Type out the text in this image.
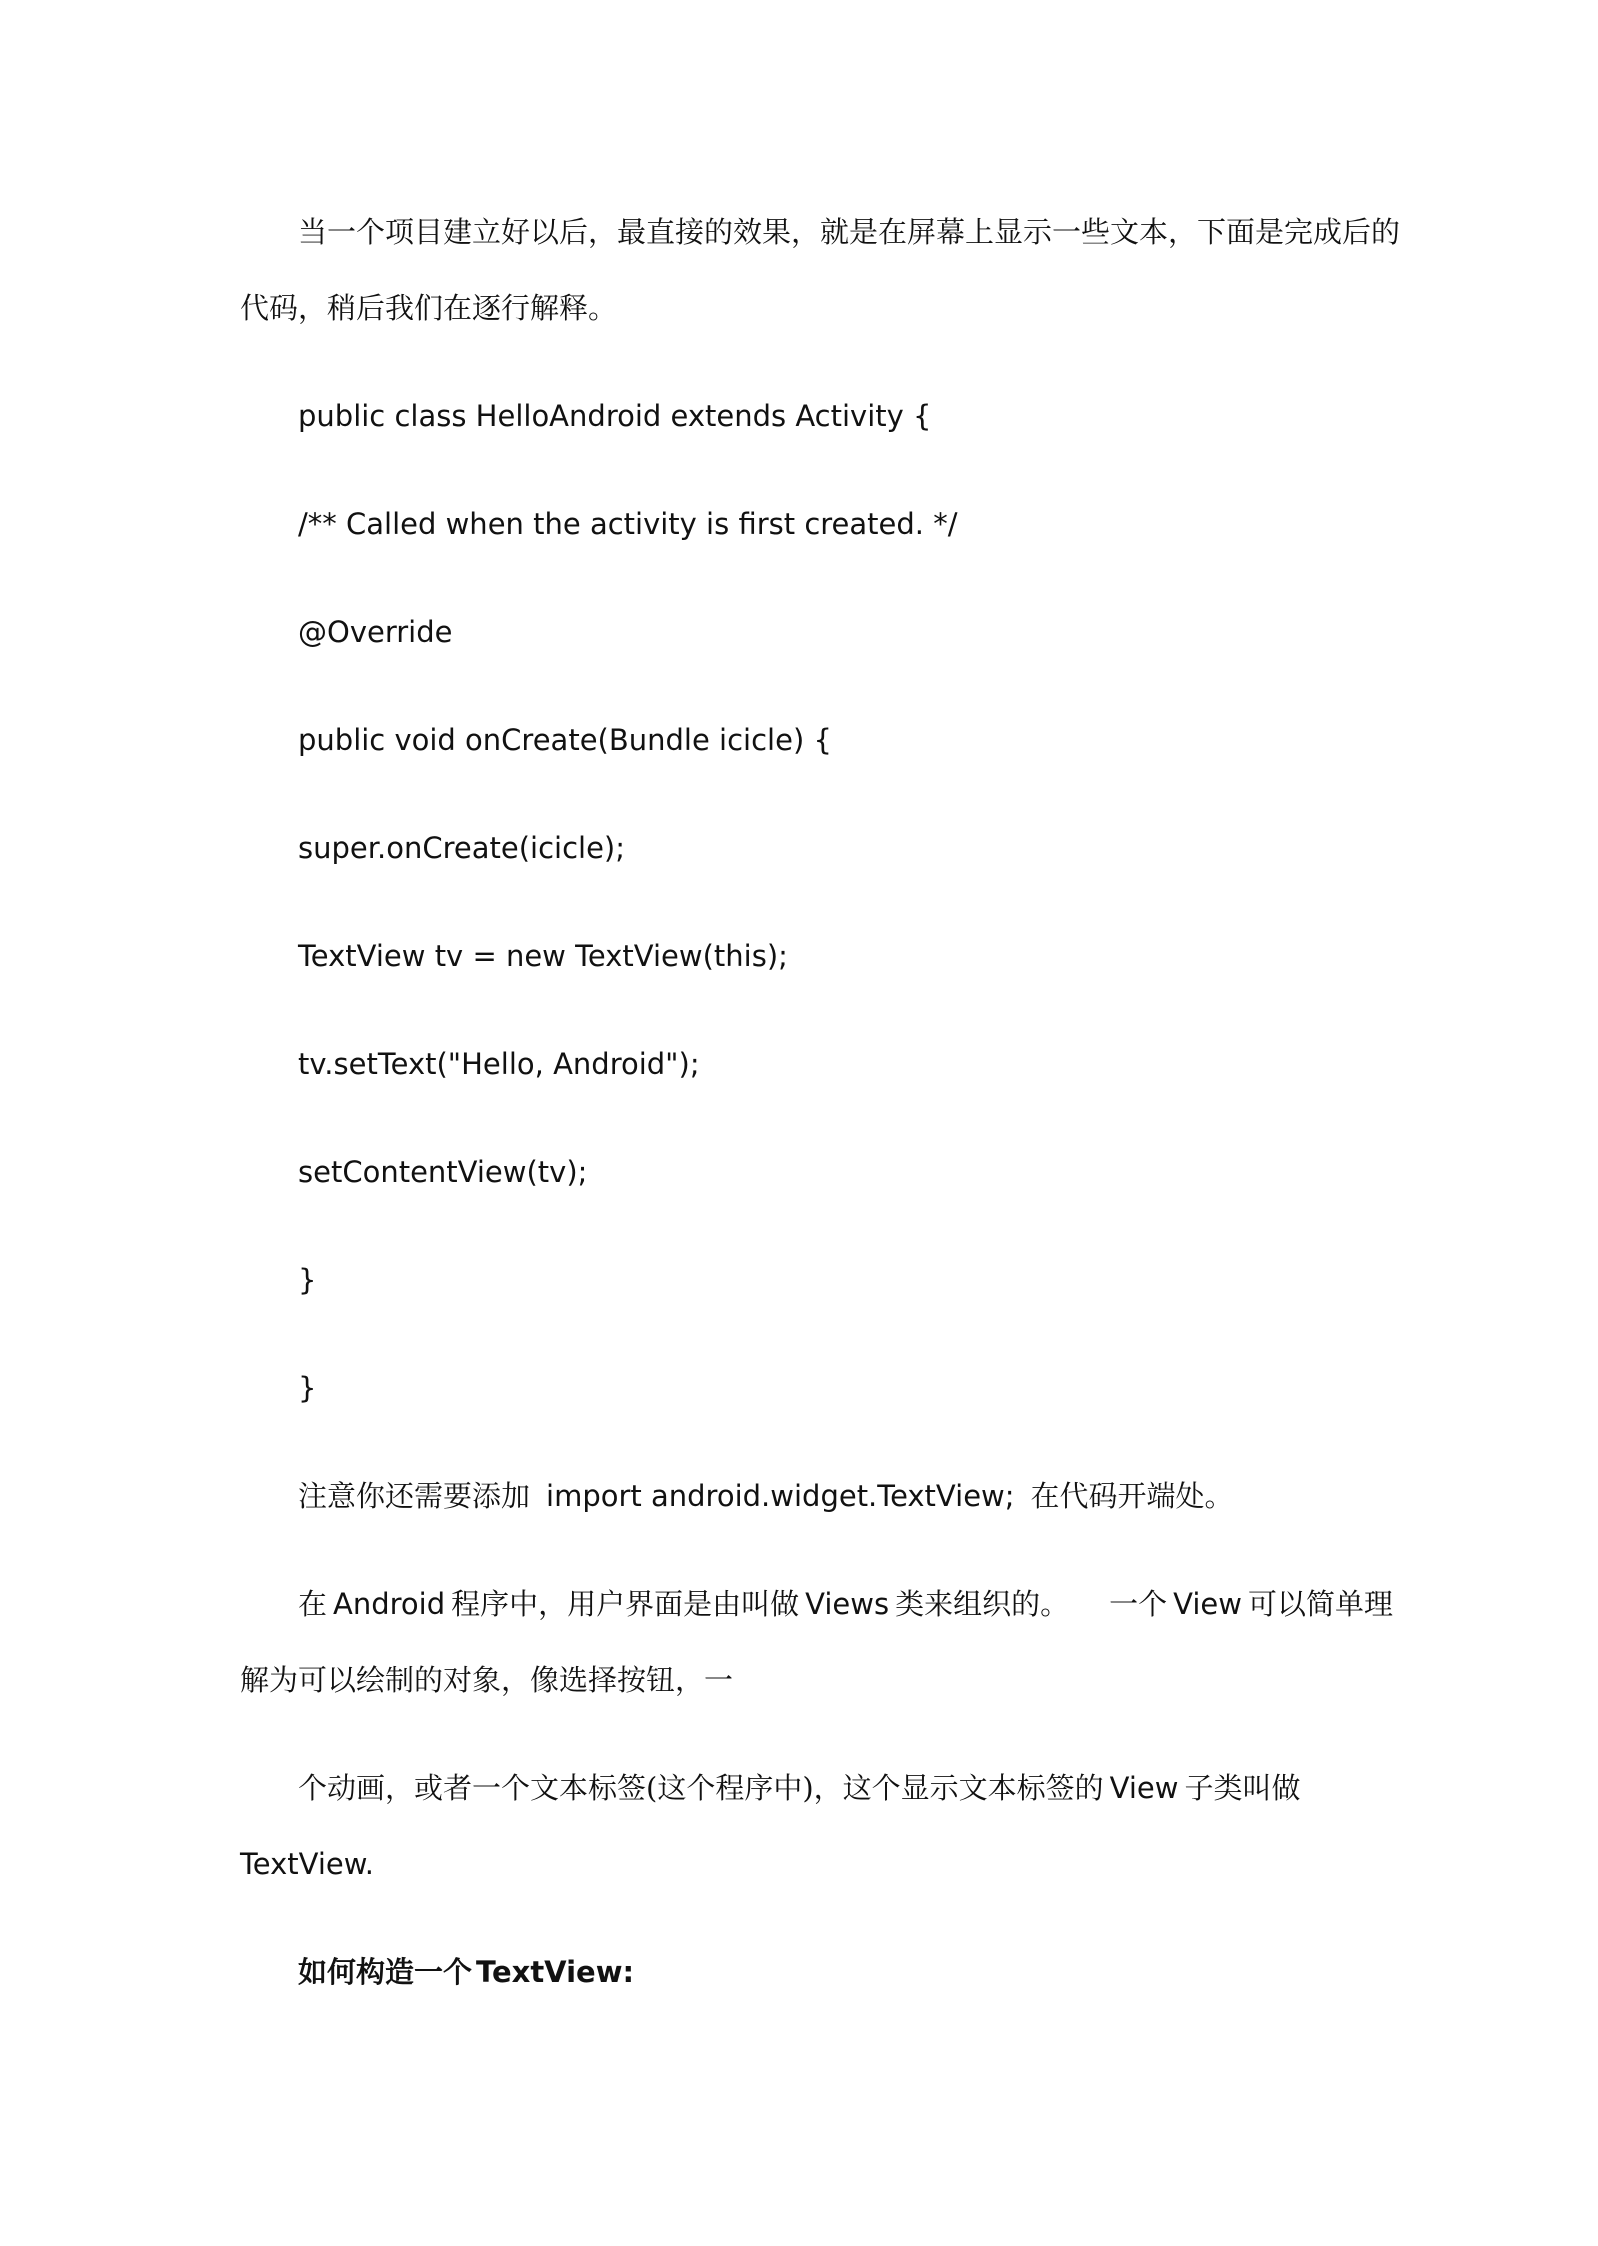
当一个项目建立好以后，最直接的效果，就是在屏幕上显示一些文本，下面是完成后的
代码，稍后我们在逐行解释。
public class HelloAndroid extends Activity {
/** Called when the activity is first created. */
@Override
public void onCreate(Bundle icicle) {
super.onCreate(icicle);
TextView tv = new TextView(this);
tv.setText("Hello, Android");
setContentView(tv);
}
}
注意你还需要添加 import android.widget.TextView; 在代码开端处。
在 Android 程序中，用户界面是由叫做 Views 类来组织的。 一个 View 可以简单理
解为可以绘制的对象，像选择按钮，一
个动画，或者一个文本标签(这个程序中)，这个显示文本标签的 View 子类叫做
TextView.
如何构造一个 TextView:
